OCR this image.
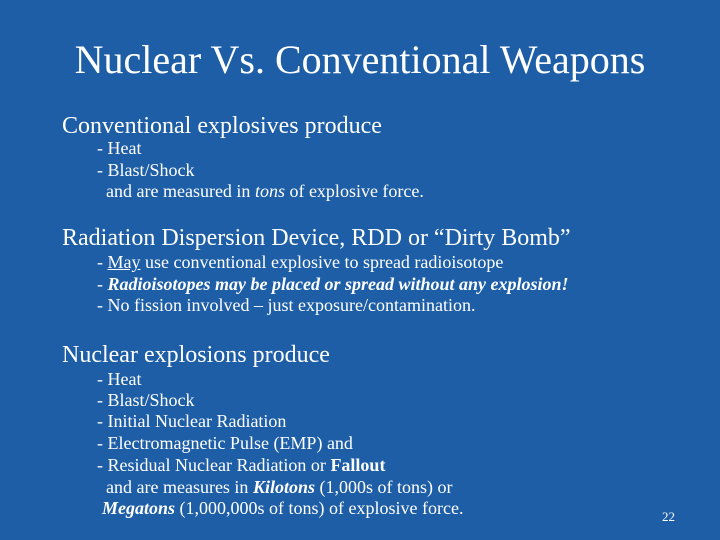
Nuclear Vs. Conventional Weapons
Conventional explosives produce
- Heat
- Blast/Shock
and are measured in tons of explosive force.
Radiation Dispersion Device, RDD or “Dirty Bomb”
- May use conventional explosive to spread radioisotope
- Radioisotopes may be placed or spread without any explosion!
- No fission involved – just exposure/contamination.
Nuclear explosions produce
- Heat
- Blast/Shock
- Initial Nuclear Radiation
- Electromagnetic Pulse (EMP) and
- Residual Nuclear Radiation or Fallout
and are measures in Kilotons (1,000s of tons) or
Megatons (1,000,000s of tons) of explosive force.	22
